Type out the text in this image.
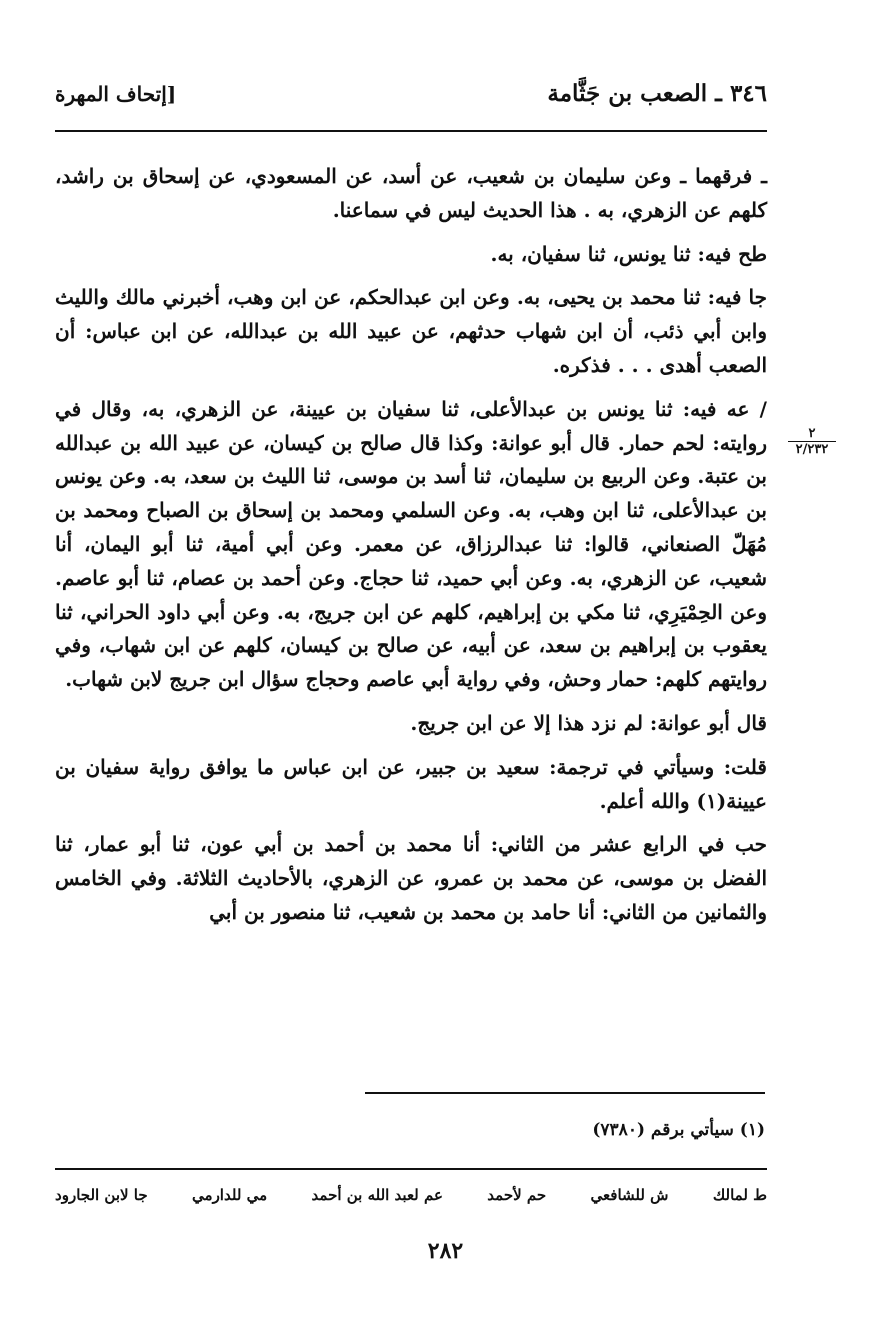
٣٤٦ ـ الصعب بن جَثَّامة
[إتحاف المهرة

ـ فرقهما ـ وعن سليمان بن شعيب، عن أسد، عن المسعودي، عن إسحاق بن راشد، كلهم عن الزهري، به . هذا الحديث ليس في سماعنا.

طح فيه: ثنا يونس، ثنا سفيان، به.

جا فيه: ثنا محمد بن يحيى، به. وعن ابن عبدالحكم، عن ابن وهب، أخبرني مالك والليث وابن أبي ذئب، أن ابن شهاب حدثهم، عن عبيد الله بن عبدالله، عن ابن عباس: أن الصعب أهدى . . . فذكره.

/ عه فيه: ثنا يونس بن عبدالأعلى، ثنا سفيان بن عيينة، عن الزهري، به، وقال في روايته: لحم حمار. قال أبو عوانة: وكذا قال صالح بن كيسان، عن عبيد الله بن عبدالله بن عتبة. وعن الربيع بن سليمان، ثنا أسد بن موسى، ثنا الليث بن سعد، به. وعن يونس بن عبدالأعلى، ثنا ابن وهب، به. وعن السلمي ومحمد بن إسحاق بن الصباح ومحمد بن مُهَلّ الصنعاني، قالوا: ثنا عبدالرزاق، عن معمر. وعن أبي أمية، ثنا أبو اليمان، أنا شعيب، عن الزهري، به. وعن أبي حميد، ثنا حجاج. وعن أحمد بن عصام، ثنا أبو عاصم. وعن الحِمْيَرِي، ثنا مكي بن إبراهيم، كلهم عن ابن جريج، به. وعن أبي داود الحراني، ثنا يعقوب بن إبراهيم بن سعد، عن أبيه، عن صالح بن كيسان، كلهم عن ابن شهاب، وفي روايتهم كلهم: حمار وحش، وفي رواية أبي عاصم وحجاج سؤال ابن جريج لابن شهاب.

قال أبو عوانة: لم نزد هذا إلا عن ابن جريج.

قلت: وسيأتي في ترجمة: سعيد بن جبير، عن ابن عباس ما يوافق رواية سفيان بن عيينة(١) والله أعلم.

حب في الرابع عشر من الثاني: أنا محمد بن أحمد بن أبي عون، ثنا أبو عمار، ثنا الفضل بن موسى، عن محمد بن عمرو، عن الزهري، بالأحاديث الثلاثة. وفي الخامس والثمانين من الثاني: أنا حامد بن محمد بن شعيب، ثنا منصور بن أبي

٢
٢/٢٣٢
(١) سيأتي برقم (٧٣٨٠)
ط لمالك
ش للشافعي
حم لأحمد
عم لعبد الله بن أحمد
مي للدارمي
جا لابن الجارود
٢٨٢
